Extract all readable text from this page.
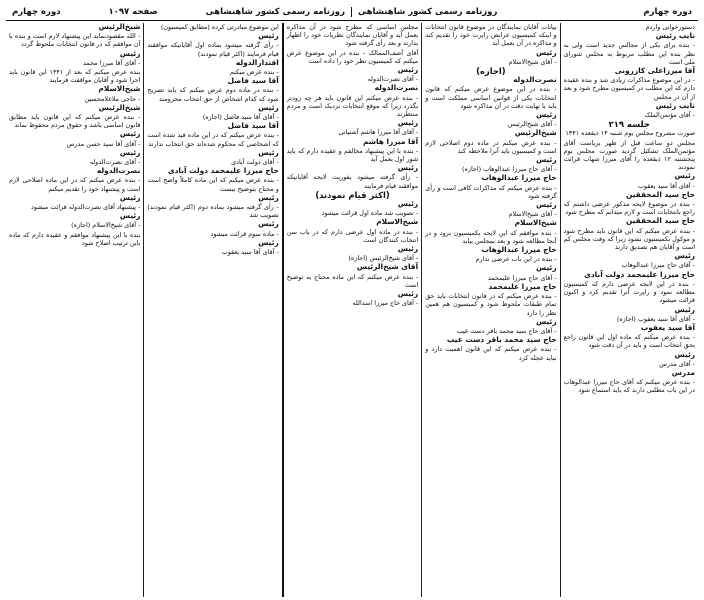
دوره چهارم
روزنامه رسمی کشور شاهنشاهی
روزنامه رسمی کشور شاهنشاهی
صفحه ۱۰۹۷
دوره چهارم

دستورخوانی واردم

نایب رئیس

- بنده برای یکی از مجالس جدید است ولی به نظر بنده این مطلب مربوط به مجلس شورای ملی است

آقا میرزاعلی کازرونی

- در این موضوع مذاکرات زیادی شد و بنده عقیده دارم که این مطلب در کمیسیون مطرح شود و بعد از آن در مجلس

نایب رئیس

- آقای مؤتمن‌الملک

جلسه ۲۱۹

صورت مشروح مجلس یوم شنبه ۱۴ ذیقعده ۱۳۴۱

مجلس دو ساعت قبل از ظهر بریاست آقای مؤتمن‌الملک تشکیل گردید صورت مجلس یوم پنجشنبه ۱۲ ذیقعده را آقای میرزا شهاب قرائت نمودند

رئیس

- آقای آقا سید یعقوب

حاج سید المحققین

- بنده در موضوع لایحه مذکور عرضی داشتم که راجع بانتخابات است و لازم میدانم که مطرح شود

حاج سید المحققین

- بنده عرض میکنم که این قانون باید مطرح شود و موکول بکمیسیون نشود زیرا که وقت مجلس کم است و آقایان هم تصدیق دارند

رئیس

- آقای حاج میرزا عبدالوهاب

حاج میرزا علیمحمد دولت آبادی

- بنده در این لایحه عرضی دارم که کمیسیون مطالعه نمود و راپرت آنرا تقدیم کرد و اکنون قرائت میشود

رئیس

- آقای آقا سید یعقوب (اجازه)

آقا سید یعقوب

- بنده عرض میکنم که ماده اول این قانون راجع بحق انتخاب است و باید در آن دقت شود

رئیس

- آقای مدرس

مدرس

- بنده عرض میکنم که آقای حاج میرزا عبدالوهاب در این باب مطلبی دارند که باید استماع شود

بیانات آقایان نمایندگان در موضوع قانون انتخابات و اینکه کمیسیون عرایض راپرت خود را تقدیم کند و مذاکره در آن بعمل آید

رئیس

- آقای شیخ‌الاسلام

(اجازه)

نصرت‌الدوله

- بنده در این موضوع عرض میکنم که قانون انتخابات یکی از قوانین اساسی مملکت است و باید با نهایت دقت در آن مذاکره شود

رئیس

- آقای شیخ‌الرئیس

شیخ‌الرئیس

- بنده عرض میکنم در ماده دوم اصلاحی لازم است و کمیسیون باید آنرا ملاحظه کند

رئیس

- آقای حاج میرزا عبدالوهاب (اجازه)

حاج میرزا عبدالوهاب

- بنده عرض میکنم که مذاکرات کافی است و رأی گرفته شود

رئیس

- آقای شیخ‌الاسلام

شیخ‌الاسلام

- بنده موافقم که این لایحه بکمیسیون برود و در آنجا مطالعه شود و بعد بمجلس بیاید

حاج میرزا عبدالوهاب

- بنده در این باب عرضی ندارم

رئیس

- آقای حاج میرزا علیمحمد

حاج میرزا علیمحمد

- بنده عرض میکنم که در قانون انتخابات باید حق تمام طبقات ملحوظ شود و کمیسیون هم همین نظر را دارد

رئیس

- آقای حاج سید محمد باقر دست غیب

حاج سید محمد باقر دست غیب

- بنده عرض میکنم که این قانون اهمیت دارد و نباید عجله کرد

مجلس اساسی که مطرح شود در آن مذاکره بعمل آید و آقایان نمایندگان نظریات خود را اظهار بدارند و بعد رأی گرفته شود

آقای آصف‌الممالک - بنده در این موضوع عرض میکنم که کمیسیون نظر خود را داده است

رئیس

- آقای نصرت‌الدوله

نصرت‌الدوله

- بنده عرض میکنم این قانون باید هر چه زودتر بگذرد زیرا که موقع انتخابات نزدیک است و مردم منتظرند

رئیس

- آقای آقا میرزا هاشم آشتیانی

آقا میرزا هاشم

- بنده با این پیشنهاد مخالفم و عقیده دارم که باید شور اول بعمل آید

رئیس

- رأی گرفته میشود بفوریت لایحه آقایانیکه موافقند قیام فرمایند

(اکثر قیام نمودند)

رئیس

- تصویب شد ماده اول قرائت میشود

شیخ‌الاسلام

- بنده در ماده اول عرضی دارم که در باب سن انتخاب کنندگان است

رئیس

- آقای شیخ‌الرئیس (اجازه)

آقای شیخ‌الرئیس

- بنده عرض میکنم که این ماده محتاج به توضیح است

رئیس

- آقای حاج میرزا اسدالله

این موضوع مبادرتی کرده (مطابق کمیسیون)

رئیس

- رأی گرفته میشود بماده اول آقایانیکه موافقند قیام فرمایند (اکثر قیام نمودند)

اقتدارالدوله

- بنده عرض میکنم

آقا سید فاضل

- بنده در ماده دوم عرض میکنم که باید تصریح شود که کدام اشخاص از حق انتخاب محرومند

رئیس

- آقای آقا سید فاضل (اجازه)

آقا سید فاضل

- بنده عرض میکنم که در این ماده قید شده است که اشخاصی که محکوم شده‌اند حق انتخاب ندارند

رئیس

- آقای دولت آبادی

حاج میرزا علیمحمد دولت آبادی

- بنده عرض میکنم که این ماده کاملاً واضح است و محتاج بتوضیح نیست

رئیس

- رأی گرفته میشود بماده دوم (اکثر قیام نمودند) تصویب شد

رئیس

- ماده سوم قرائت میشود

رئیس

- آقای آقا سید یعقوب

شیخ‌الرئیس

- الله مقصودنماید این پیشنهاد لازم است و بنده با آن موافقم که در قانون انتخابات ملحوظ گردد

رئیس

- آقای آقا میرزا محمد

بنده عرض میکنم که بعد از ۱۳۴۱ این قانون باید اجرا شود و آقایان موافقت فرمایند

شیخ‌الاسلام

- حاجی ملاغلامحسین

شیخ‌الرئیس

- بنده عرض میکنم که این قانون باید مطابق قانون اساسی باشد و حقوق مردم محفوظ بماند

رئیس

- آقای آقا سید حسن مدرس

رئیس

- آقای نصرت‌الدوله

نصرت‌الدوله

- بنده عرض میکنم که در این ماده اصلاحی لازم است و پیشنهاد خود را تقدیم میکنم

رئیس

- پیشنهاد آقای نصرت‌الدوله قرائت میشود

رئیس

- آقای شیخ‌الاسلام (اجازه)

بنده با این پیشنهاد موافقم و عقیده دارم که ماده باین ترتیب اصلاح شود
